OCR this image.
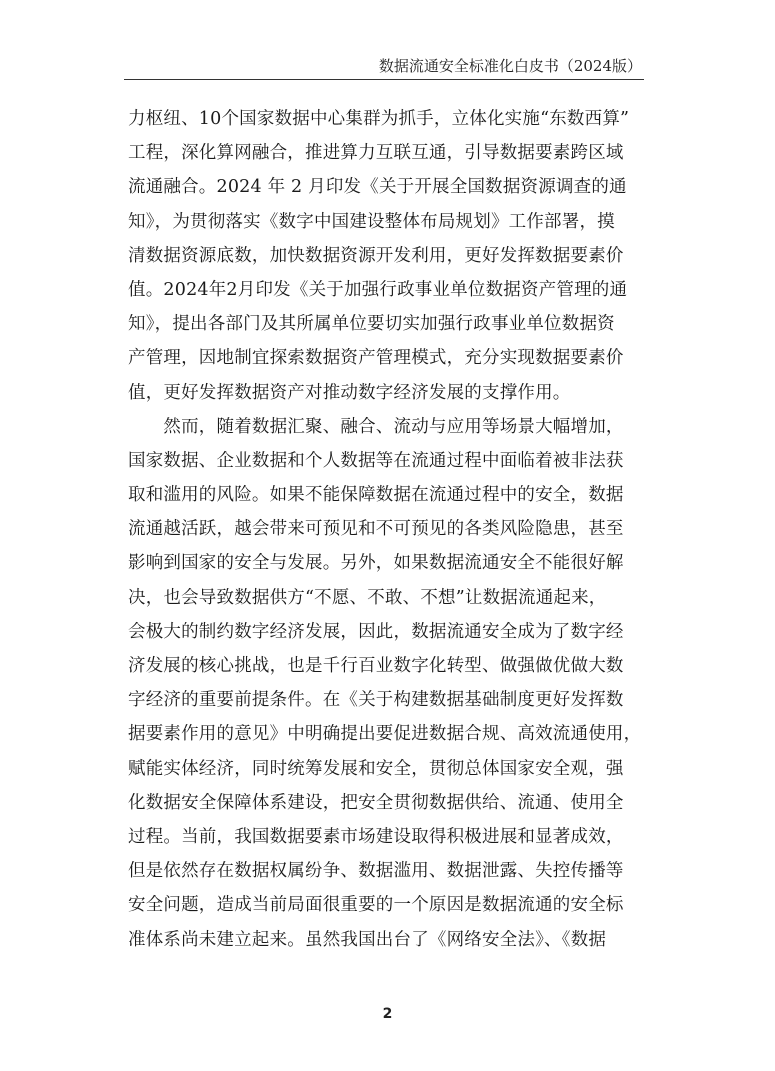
数据流通安全标准化白皮书（2024版）
力枢纽、10个国家数据中心集群为抓手，立体化实施“东数西算”
工程，深化算网融合，推进算力互联互通，引导数据要素跨区域
流通融合。2024 年 2 月印发《关于开展全国数据资源调查的通
知》，为贯彻落实《数字中国建设整体布局规划》工作部署，摸
清数据资源底数，加快数据资源开发利用，更好发挥数据要素价
值。2024年2月印发《关于加强行政事业单位数据资产管理的通
知》，提出各部门及其所属单位要切实加强行政事业单位数据资
产管理，因地制宜探索数据资产管理模式，充分实现数据要素价
值，更好发挥数据资产对推动数字经济发展的支撑作用。
　　然而，随着数据汇聚、融合、流动与应用等场景大幅增加，
国家数据、企业数据和个人数据等在流通过程中面临着被非法获
取和滥用的风险。如果不能保障数据在流通过程中的安全，数据
流通越活跃，越会带来可预见和不可预见的各类风险隐患，甚至
影响到国家的安全与发展。另外，如果数据流通安全不能很好解
决，也会导致数据供方“不愿、不敢、不想”让数据流通起来，
会极大的制约数字经济发展，因此，数据流通安全成为了数字经
济发展的核心挑战，也是千行百业数字化转型、做强做优做大数
字经济的重要前提条件。在《关于构建数据基础制度更好发挥数
据要素作用的意见》中明确提出要促进数据合规、高效流通使用，
赋能实体经济，同时统筹发展和安全，贯彻总体国家安全观，强
化数据安全保障体系建设，把安全贯彻数据供给、流通、使用全
过程。当前，我国数据要素市场建设取得积极进展和显著成效，
但是依然存在数据权属纷争、数据滥用、数据泄露、失控传播等
安全问题，造成当前局面很重要的一个原因是数据流通的安全标
准体系尚未建立起来。虽然我国出台了《网络安全法》、《数据
2
